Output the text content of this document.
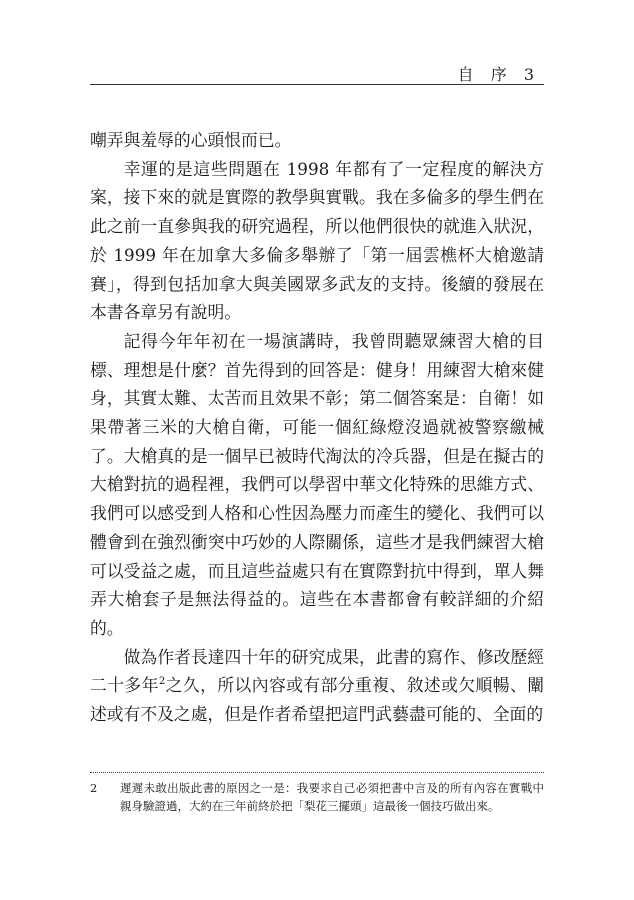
自 序 3

嘲弄與羞辱的心頭恨而已。

幸運的是這些問題在 1998 年都有了一定程度的解決方案，接下來的就是實際的教學與實戰。我在多倫多的學生們在此之前一直參與我的研究過程，所以他們很快的就進入狀況，於 1999 年在加拿大多倫多舉辦了「第一屆雲樵杯大槍邀請賽」，得到包括加拿大與美國眾多武友的支持。後續的發展在本書各章另有說明。

記得今年年初在一場演講時，我曾問聽眾練習大槍的目標、理想是什麼？首先得到的回答是：健身！用練習大槍來健身，其實太難、太苦而且效果不彰；第二個答案是：自衛！如果帶著三米的大槍自衛，可能一個紅綠燈沒過就被警察繳械了。大槍真的是一個早已被時代淘汰的冷兵器，但是在擬古的大槍對抗的過程裡，我們可以學習中華文化特殊的思維方式、我們可以感受到人格和心性因為壓力而產生的變化、我們可以體會到在強烈衝突中巧妙的人際關係，這些才是我們練習大槍可以受益之處，而且這些益處只有在實際對抗中得到，單人舞弄大槍套子是無法得益的。這些在本書都會有較詳細的介紹的。

做為作者長達四十年的研究成果，此書的寫作、修改歷經二十多年$^2$之久，所以內容或有部分重複、敘述或欠順暢、闡述或有不及之處，但是作者希望把這門武藝盡可能的、全面的

2 遲遲未敢出版此書的原因之一是：我要求自己必須把書中言及的所有內容在實戰中親身驗證過，大約在三年前終於把「梨花三擺頭」這最後一個技巧做出來。
